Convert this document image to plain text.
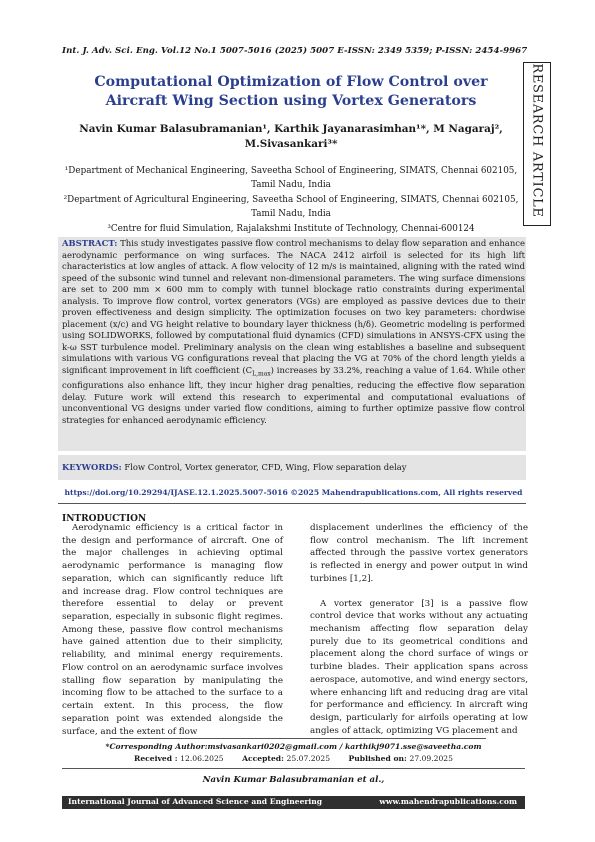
Int. J. Adv. Sci. Eng. Vol.12 No.1 5007-5016 (2025) 5007 E-ISSN: 2349 5359; P-ISSN: 2454-9967
RESEARCH ARTICLE
Computational Optimization of Flow Control over Aircraft Wing Section using Vortex Generators
Navin Kumar Balasubramanian¹, Karthik Jayanarasimhan¹*, M Nagaraj², M.Sivasankari³*
¹Department of Mechanical Engineering, Saveetha School of Engineering, SIMATS, Chennai 602105, Tamil Nadu, India
²Department of Agricultural Engineering, Saveetha School of Engineering, SIMATS, Chennai 602105, Tamil Nadu, India
³Centre for fluid Simulation, Rajalakshmi Institute of Technology, Chennai-600124
ABSTRACT: This study investigates passive flow control mechanisms to delay flow separation and enhance aerodynamic performance on wing surfaces. The NACA 2412 airfoil is selected for its high lift characteristics at low angles of attack. A flow velocity of 12 m/s is maintained, aligning with the rated wind speed of the subsonic wind tunnel and relevant non-dimensional parameters. The wing surface dimensions are set to 200 mm × 600 mm to comply with tunnel blockage ratio constraints during experimental analysis. To improve flow control, vortex generators (VGs) are employed as passive devices due to their proven effectiveness and design simplicity. The optimization focuses on two key parameters: chordwise placement (x/c) and VG height relative to boundary layer thickness (h/δ). Geometric modeling is performed using SOLIDWORKS, followed by computational fluid dynamics (CFD) simulations in ANSYS-CFX using the k-ω SST turbulence model. Preliminary analysis on the clean wing establishes a baseline and subsequent simulations with various VG configurations reveal that placing the VG at 70% of the chord length yields a significant improvement in lift coefficient $(C_{L,max})$ increases by 33.2%, reaching a value of 1.64. While other configurations also enhance lift, they incur higher drag penalties, reducing the effective flow separation delay. Future work will extend this research to experimental and computational evaluations of unconventional VG designs under varied flow conditions, aiming to further optimize passive flow control strategies for enhanced aerodynamic efficiency.
KEYWORDS: Flow Control, Vortex generator, CFD, Wing, Flow separation delay
https://doi.org/10.29294/IJASE.12.1.2025.5007-5016 ©2025 Mahendrapublications.com, All rights reserved
INTRODUCTION

Aerodynamic efficiency is a critical factor in the design and performance of aircraft. One of the major challenges in achieving optimal aerodynamic performance is managing flow separation, which can significantly reduce lift and increase drag. Flow control techniques are therefore essential to delay or prevent separation, especially in subsonic flight regimes. Among these, passive flow control mechanisms have gained attention due to their simplicity, reliability, and minimal energy requirements. Flow control on an aerodynamic surface involves stalling flow separation by manipulating the incoming flow to be attached to the surface to a certain extent. In this process, the flow separation point was extended alongside the surface, and the extent of flow

displacement underlines the efficiency of the flow control mechanism. The lift increment affected through the passive vortex generators is reflected in energy and power output in wind turbines [1,2].

A vortex generator [3] is a passive flow control device that works without any actuating mechanism affecting flow separation delay purely due to its geometrical conditions and placement along the chord surface of wings or turbine blades. Their application spans across aerospace, automotive, and wind energy sectors, where enhancing lift and reducing drag are vital for performance and efficiency. In aircraft wing design, particularly for airfoils operating at low angles of attack, optimizing VG placement and

*Corresponding Author:msivasankari0202@gmail.com / karthikj9071.sse@saveetha.com
Received : 12.06.2025 Accepted: 25.07.2025 Published on: 27.09.2025
Navin Kumar Balasubramanian et al.,
International Journal of Advanced Science and Engineering	www.mahendrapublications.com
